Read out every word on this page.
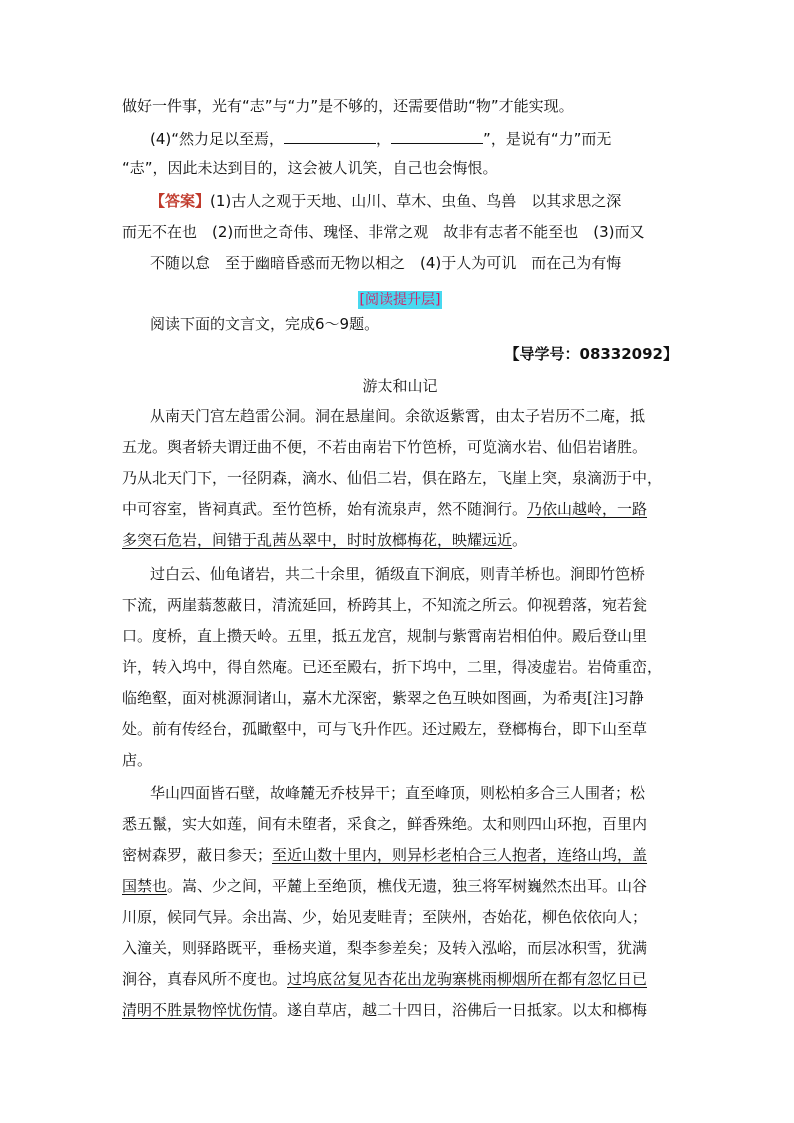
做好一件事，光有“志”与“力”是不够的，还需要借助“物”才能实现。
(4)“然力足以至焉，	，	”，是说有“力”而无
“志”，因此未达到目的，这会被人讥笑，自己也会悔恨。
【答案】(1)古人之观于天地、山川、草木、虫鱼、鸟兽　以其求思之深
而无不在也　(2)而世之奇伟、瑰怪、非常之观　故非有志者不能至也　(3)而又
不随以怠　至于幽暗昏惑而无物以相之　(4)于人为可讥　而在己为有悔
[阅读提升层]
阅读下面的文言文，完成6～9题。
【导学号：08332092】
游太和山记
从南天门宫左趋雷公洞。洞在悬崖间。余欲返紫霄，由太子岩历不二庵，抵
五龙。舆者轿夫谓迂曲不便，不若由南岩下竹笆桥，可览滴水岩、仙侣岩诸胜。
乃从北天门下，一径阴森，滴水、仙侣二岩，俱在路左，飞崖上突，泉滴沥于中，
中可容室，皆祠真武。至竹笆桥，始有流泉声，然不随涧行。乃依山越岭，一路
多突石危岩，间错于乱茜丛翠中，时时放榔梅花，映耀远近。
过白云、仙龟诸岩，共二十余里，循级直下涧底，则青羊桥也。涧即竹笆桥
下流，两崖蓊葱蔽日，清流延回，桥跨其上，不知流之所云。仰视碧落，宛若瓮
口。度桥，直上攒天岭。五里，抵五龙宫，规制与紫霄南岩相伯仲。殿后登山里
许，转入坞中，得自然庵。已还至殿右，折下坞中，二里，得凌虚岩。岩倚重峦，
临绝壑，面对桃源洞诸山，嘉木尤深密，紫翠之色互映如图画，为希夷[注]习静
处。前有传经台，孤瞰壑中，可与飞升作匹。还过殿左，登榔梅台，即下山至草
店。
华山四面皆石壁，故峰麓无乔枝异干；直至峰顶，则松柏多合三人围者；松
悉五鬣，实大如莲，间有未堕者，采食之，鲜香殊绝。太和则四山环抱，百里内
密树森罗，蔽日参天；至近山数十里内，则异杉老柏合三人抱者，连络山坞，盖
国禁也。嵩、少之间，平麓上至绝顶，樵伐无遗，独三将军树巍然杰出耳。山谷
川原，候同气异。余出嵩、少，始见麦畦青；至陕州，杏始花，柳色依依向人；
入潼关，则驿路既平，垂杨夹道，梨李参差矣；及转入泓峪，而层冰积雪，犹满
涧谷，真春风所不度也。过坞底岔复见杏花出龙驹寨桃雨柳烟所在都有忽忆日已
清明不胜景物悴忧伤情。遂自草店，越二十四日，浴佛后一日抵家。以太和榔梅
